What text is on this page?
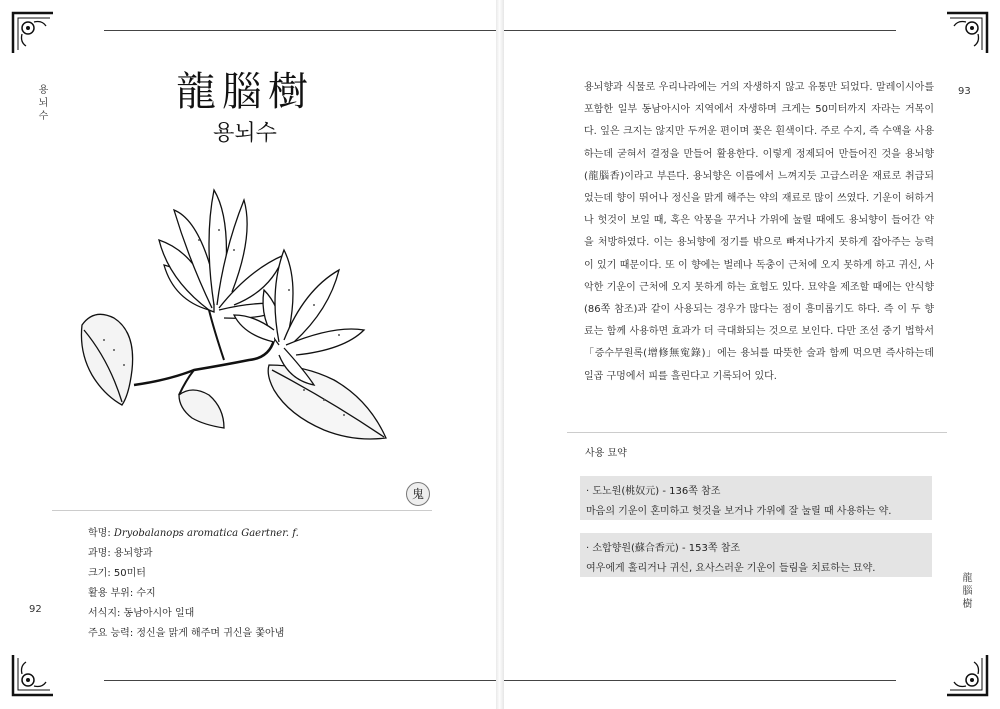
용뇌수
92
龍腦樹
용뇌수
鬼
학명: Dryobalanops aromatica Gaertner. f.
과명: 용뇌향과
크기: 50미터
활용 부위: 수지
서식지: 동남아시아 일대
주요 능력: 정신을 맑게 해주며 귀신을 쫓아냄
93
龍腦樹

용뇌향과 식물로 우리나라에는 거의 자생하지 않고 유통만 되었다. 말레이시아를 포함한 일부 동남아시아 지역에서 자생하며 크게는 50미터까지 자라는 거목이다. 잎은 크지는 않지만 두꺼운 편이며 꽃은 흰색이다. 주로 수지, 즉 수액을 사용하는데 굳혀서 결정을 만들어 활용한다. 이렇게 정제되어 만들어진 것을 용뇌향(龍腦香)이라고 부른다. 용뇌향은 이름에서 느껴지듯 고급스러운 재료로 취급되었는데 향이 뛰어나 정신을 맑게 해주는 약의 재료로 많이 쓰였다. 기운이 허하거나 헛것이 보일 때, 혹은 악몽을 꾸거나 가위에 눌릴 때에도 용뇌향이 들어간 약을 처방하였다. 이는 용뇌향에 정기를 밖으로 빠져나가지 못하게 잡아주는 능력이 있기 때문이다. 또 이 향에는 벌레나 독충이 근처에 오지 못하게 하고 귀신, 사악한 기운이 근처에 오지 못하게 하는 효험도 있다. 묘약을 제조할 때에는 안식향(86쪽 참조)과 같이 사용되는 경우가 많다는 점이 흥미롭기도 하다. 즉 이 두 향료는 함께 사용하면 효과가 더 극대화되는 것으로 보인다. 다만 조선 중기 법학서 「증수무원록(增修無寃錄)」에는 용뇌를 따뜻한 술과 함께 먹으면 즉사하는데 일곱 구멍에서 피를 흘린다고 기록되어 있다.

사용 묘약
· 도노원(桃奴元) - 136쪽 참조
마음의 기운이 혼미하고 헛것을 보거나 가위에 잘 눌릴 때 사용하는 약.
· 소합향원(蘇合香元) - 153쪽 참조
여우에게 홀리거나 귀신, 요사스러운 기운이 들림을 치료하는 묘약.
